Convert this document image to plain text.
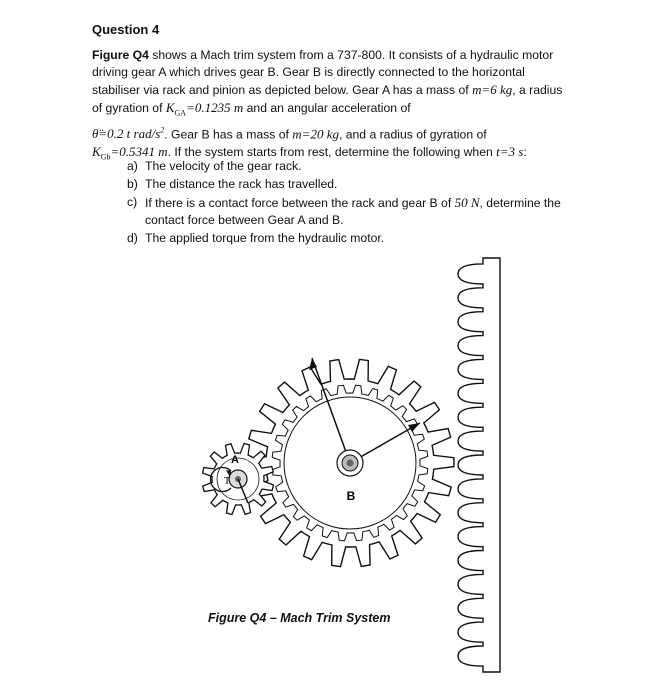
Question 4
Figure Q4 shows a Mach trim system from a 737-800. It consists of a hydraulic motor driving gear A which drives gear B. Gear B is directly connected to the horizontal stabiliser via rack and pinion as depicted below. Gear A has a mass of m=6 kg, a radius of gyration of $K_{GA}=0.1235$ m and an angular acceleration of
θ̈=0.2 t rad/$s^2$. Gear B has a mass of m=20 kg, and a radius of gyration of
$K_{Gb}=0.5341$ m. If the system starts from rest, determine the following when t=3 s:
a) The velocity of the gear rack.
b) The distance the rack has travelled.
c) If there is a contact force between the rack and gear B of 50 N, determine the contact force between Gear A and B.
d) The applied torque from the hydraulic motor.
B
A
T
Figure Q4 – Mach Trim System
